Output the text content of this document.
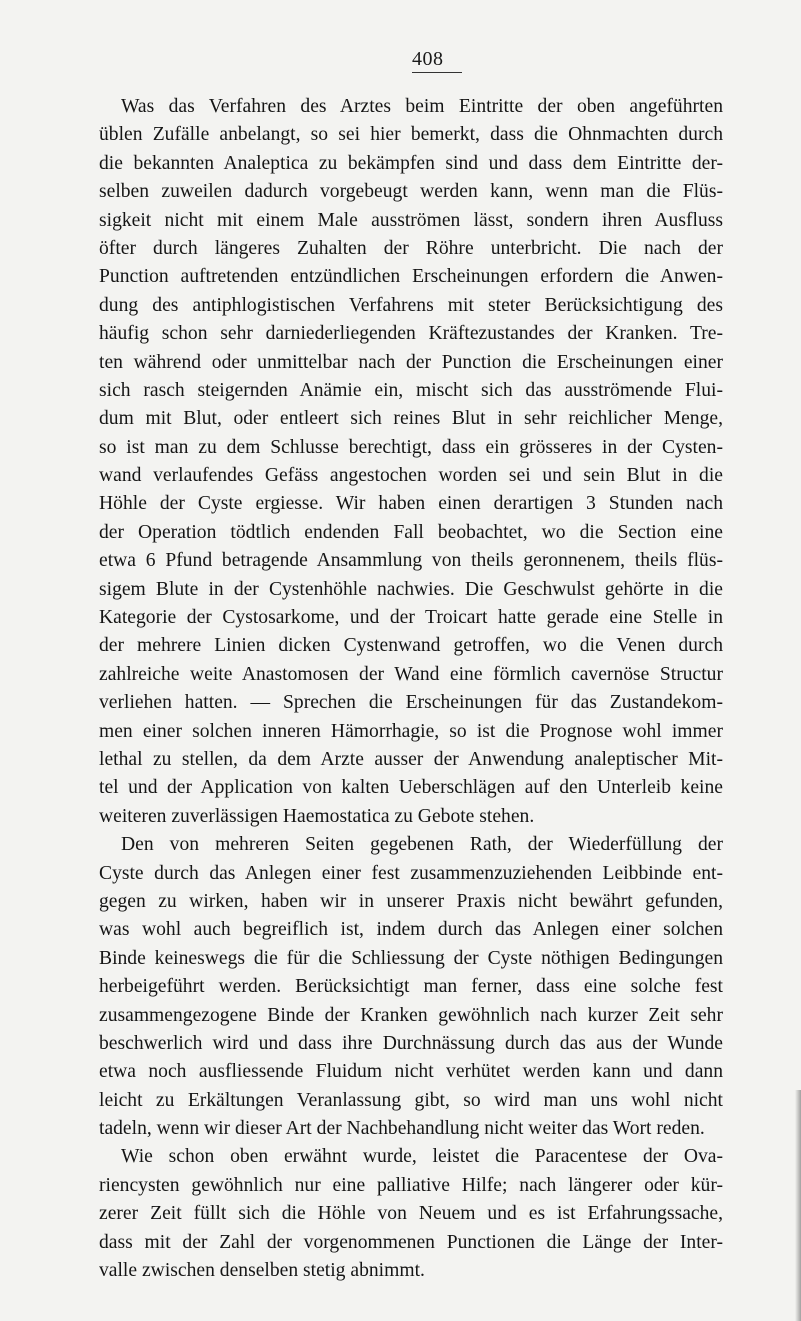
408
Was das Verfahren des Arztes beim Eintritte der oben angeführten
üblen Zufälle anbelangt, so sei hier bemerkt, dass die Ohnmachten durch
die bekannten Analeptica zu bekämpfen sind und dass dem Eintritte der-
selben zuweilen dadurch vorgebeugt werden kann, wenn man die Flüs-
sigkeit nicht mit einem Male ausströmen lässt, sondern ihren Ausfluss
öfter durch längeres Zuhalten der Röhre unterbricht. Die nach der
Punction auftretenden entzündlichen Erscheinungen erfordern die Anwen-
dung des antiphlogistischen Verfahrens mit steter Berücksichtigung des
häufig schon sehr darniederliegenden Kräftezustandes der Kranken. Tre-
ten während oder unmittelbar nach der Punction die Erscheinungen einer
sich rasch steigernden Anämie ein, mischt sich das ausströmende Flui-
dum mit Blut, oder entleert sich reines Blut in sehr reichlicher Menge,
so ist man zu dem Schlusse berechtigt, dass ein grösseres in der Cysten-
wand verlaufendes Gefäss angestochen worden sei und sein Blut in die
Höhle der Cyste ergiesse. Wir haben einen derartigen 3 Stunden nach
der Operation tödtlich endenden Fall beobachtet, wo die Section eine
etwa 6 Pfund betragende Ansammlung von theils geronnenem, theils flüs-
sigem Blute in der Cystenhöhle nachwies. Die Geschwulst gehörte in die
Kategorie der Cystosarkome, und der Troicart hatte gerade eine Stelle in
der mehrere Linien dicken Cystenwand getroffen, wo die Venen durch
zahlreiche weite Anastomosen der Wand eine förmlich cavernöse Structur
verliehen hatten. — Sprechen die Erscheinungen für das Zustandekom-
men einer solchen inneren Hämorrhagie, so ist die Prognose wohl immer
lethal zu stellen, da dem Arzte ausser der Anwendung analeptischer Mit-
tel und der Application von kalten Ueberschlägen auf den Unterleib keine
weiteren zuverlässigen Haemostatica zu Gebote stehen.
Den von mehreren Seiten gegebenen Rath, der Wiederfüllung der
Cyste durch das Anlegen einer fest zusammenzuziehenden Leibbinde ent-
gegen zu wirken, haben wir in unserer Praxis nicht bewährt gefunden,
was wohl auch begreiflich ist, indem durch das Anlegen einer solchen
Binde keineswegs die für die Schliessung der Cyste nöthigen Bedingungen
herbeigeführt werden. Berücksichtigt man ferner, dass eine solche fest
zusammengezogene Binde der Kranken gewöhnlich nach kurzer Zeit sehr
beschwerlich wird und dass ihre Durchnässung durch das aus der Wunde
etwa noch ausfliessende Fluidum nicht verhütet werden kann und dann
leicht zu Erkältungen Veranlassung gibt, so wird man uns wohl nicht
tadeln, wenn wir dieser Art der Nachbehandlung nicht weiter das Wort reden.
Wie schon oben erwähnt wurde, leistet die Paracentese der Ova-
riencysten gewöhnlich nur eine palliative Hilfe; nach längerer oder kür-
zerer Zeit füllt sich die Höhle von Neuem und es ist Erfahrungssache,
dass mit der Zahl der vorgenommenen Punctionen die Länge der Inter-
valle zwischen denselben stetig abnimmt.
